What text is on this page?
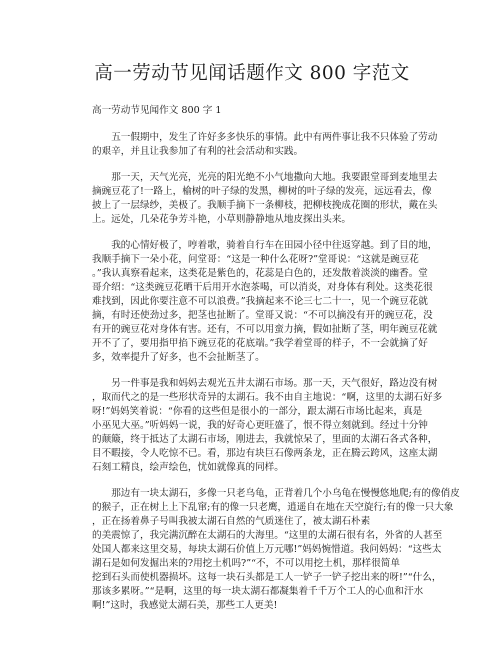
高一劳动节见闻话题作文 800 字范文
高一劳动节见闻作文 800 字 1
五一假期中，发生了许好多多快乐的事情。此中有两件事让我不只体验了劳动
的艰辛，并且让我参加了有利的社会活动和实践。
那一天，天气光亮，光亮的阳光绝不小气地撒向大地。我要跟堂哥到麦地里去
摘豌豆花了!一路上，榆树的叶子绿的发黑，柳树的叶子绿的发亮，远远看去，像
披上了一层绿纱，美极了。我顺手摘下一条柳枝，把柳枝挽成花圈的形状，戴在头
上。远处，几朵花争芳斗艳，小草则静静地从地皮探出头来。
我的心情好极了，哼着歌，骑着自行车在田园小径中往返穿越。到了目的地，
我顺手摘下一朵小花，问堂哥：“这是一种什么花呀?”堂哥说：“这就是豌豆花
。”我认真察看起来，这类花是紫色的，花蕊是白色的，还发散着淡淡的幽香。堂
哥介绍：“这类豌豆花晒干后用开水泡茶喝，可以消炎，对身体有利处。这类花很
难找到，因此你要注意不可以浪费。”我摘起来不论三七二十一，见一个豌豆花就
摘，有时还使劲过多，把茎也扯断了。堂哥又说：“不可以摘没有开的豌豆花，没
有开的豌豆花对身体有害。还有，不可以用蛮力摘，假如扯断了茎，明年豌豆花就
开不了了，要用指甲掐下豌豆花的花底端。”我学着堂哥的样子，不一会就摘了好
多，效率提升了好多，也不会扯断茎了。
另一件事是我和妈妈去观光五井太湖石市场。那一天，天气很好，路边没有树
，取而代之的是一些形状奇异的太湖石。我不由自主地说：“啊，这里的太湖石好多
呀!”妈妈笑着说：“你看的这些但是很小的一部分，跟太湖石市场比起来，真是
小巫见大巫。”听妈妈一说，我的好奇心更旺盛了，恨不得立刻就到。经过十分钟
的颠簸，终于抵达了太湖石市场，刚进去，我就惊呆了，里面的太湖石各式各种，
目不暇接，令人吃惊不已。看，那边有块巨石像两条龙，正在腾云跨风，这座太湖
石刻工精良，绘声绘色，忧如就像真的同样。
那边有一块太湖石，多像一只老乌龟，正背着几个小乌龟在慢慢悠地爬;有的像俏皮
的猴子，正在树上上下乱窜;有的像一只老鹰，逍遥自在地在天空旋行;有的像一只大象
，正在扬着鼻子号叫我被太湖石自然的气质迷住了，被太湖石朴素
的美震惊了，我完满沉醉在太湖石的大海里。“这里的太湖石很有名，外省的人甚至
处国人都来这里交易，每块太湖石价值上万元哪!”妈妈惋惜道。我问妈妈：“这些太
湖石是如何发掘出来的?用挖土机吗?”“不，不可以用挖土机，那样很简单
挖到石头而使机器损坏。这每一块石头都是工人一铲子一铲子挖出来的呀!”“什么，
那该多累呀。”“是啊，这里的每一块太湖石都凝集着千千万个工人的心血和汗水
啊!”这时，我感觉太湖石美，那些工人更美!
